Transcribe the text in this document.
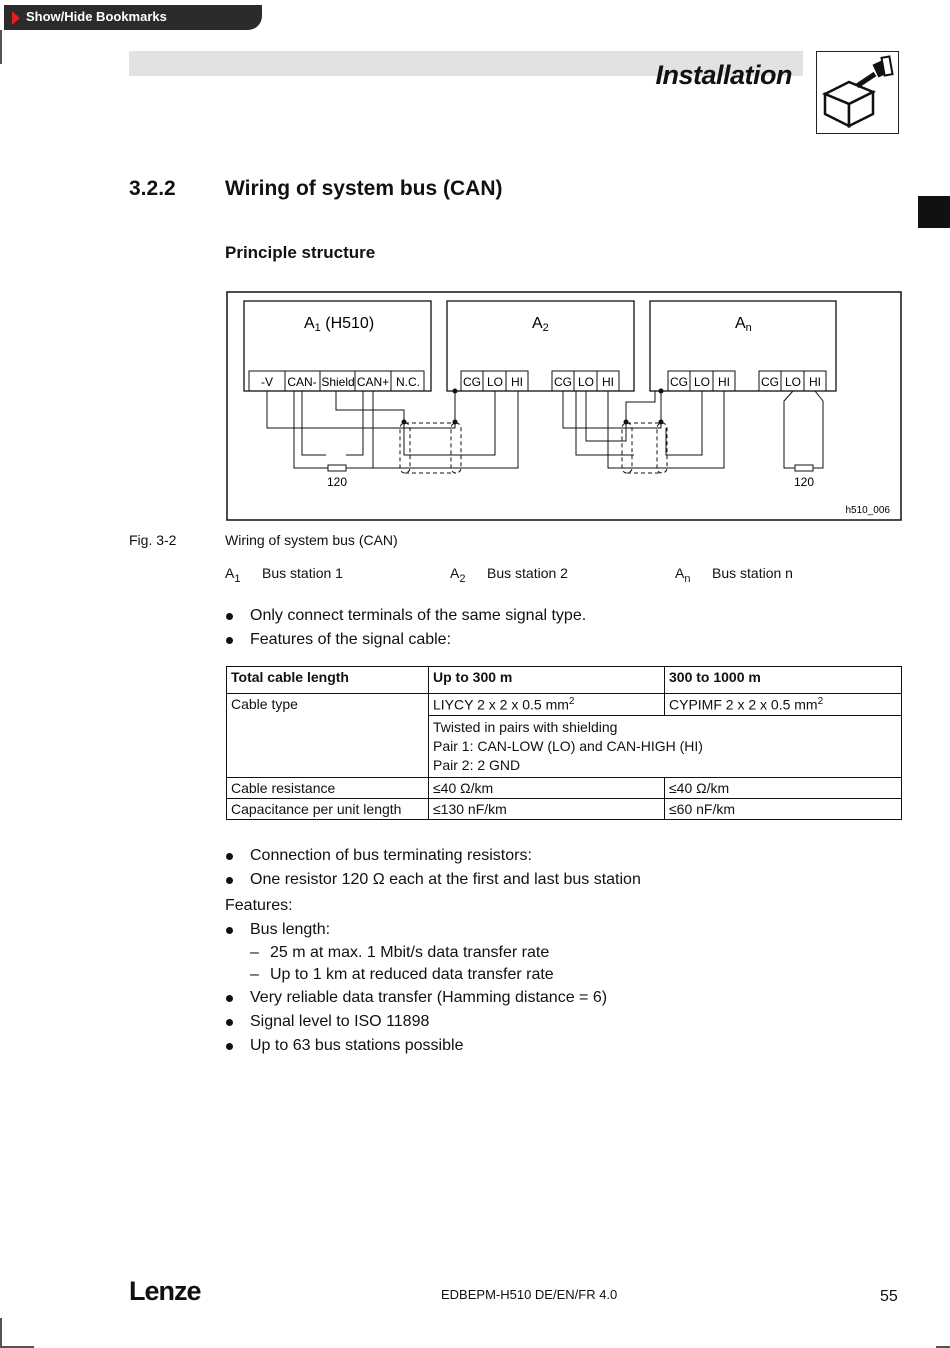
Show/Hide Bookmarks
Installation
3.2.2 Wiring of system bus (CAN)
Principle structure
A1 (H510)	A2	An
-V CAN- Shield CAN+ N.C.	CG LO HI	CG LO HI	CG LO HI	CG LO HI
120	120
h510_006
Fig. 3-2	Wiring of system bus (CAN)
$A_1$ Bus station 1	$A_2$ Bus station 2	$A_n$ Bus station n
Only connect terminals of the same signal type.
Features of the signal cable:
Total cable length	Up to 300 m	300 to 1000 m
Cable type	LIYCY 2 x 2 x 0.5 $mm^2$	CYPIMF 2 x 2 x 0.5 $mm^2$

	Twisted in pairs with shielding
Pair 1: CAN-LOW (LO) and CAN-HIGH (HI)
Pair 2: 2 GND	

Cable resistance	≤40 Ω/km	≤40 Ω/km
Capacitance per unit length	≤130 nF/km	≤60 nF/km
Connection of bus terminating resistors:
One resistor 120 Ω each at the first and last bus station
Features:
Bus length:
– 25 m at max. 1 Mbit/s data transfer rate
– Up to 1 km at reduced data transfer rate
Very reliable data transfer (Hamming distance = 6)
Signal level to ISO 11898
Up to 63 bus stations possible
Lenze	EDBEPM-H510 DE/EN/FR 4.0	55
